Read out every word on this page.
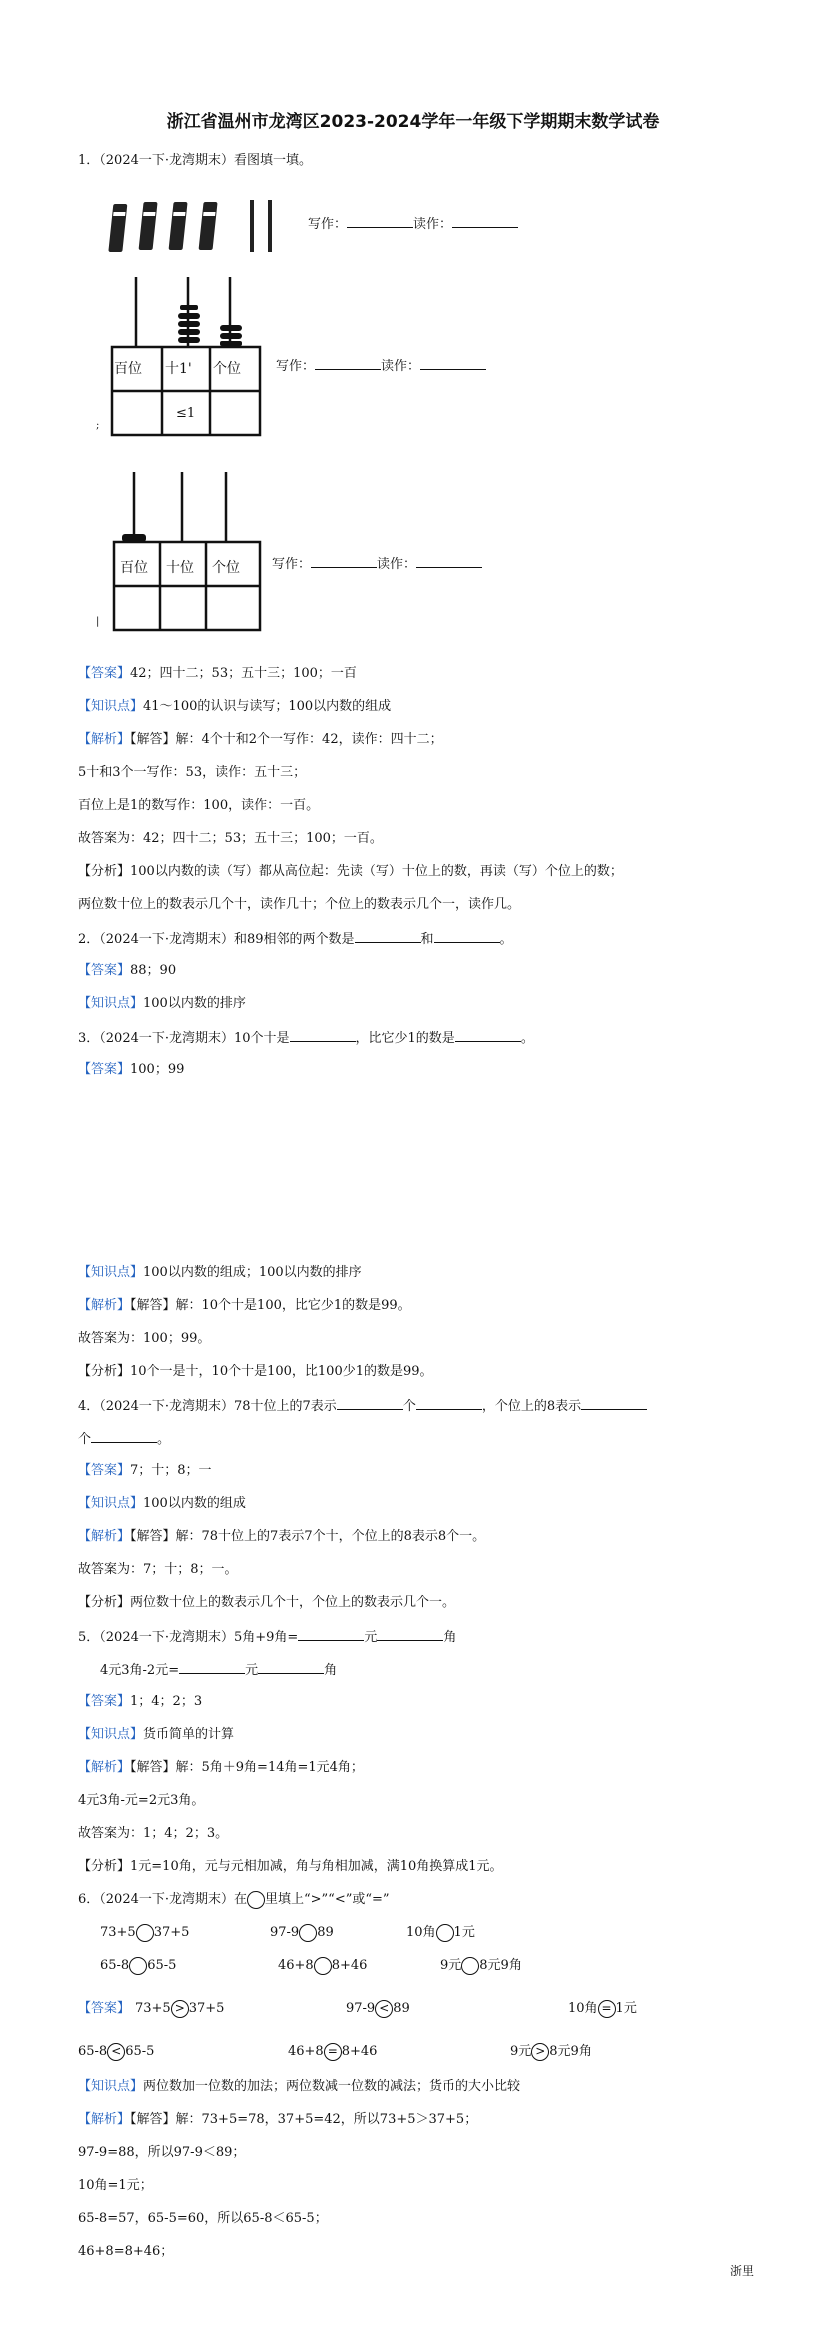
浙江省温州市龙湾区2023-2024学年一年级下学期期末数学试卷
1．（2024一下·龙湾期末）看图填一填。
写作：	读作：
百位 十1' 个位
≤1
;
写作：	读作：
百位 十位 个位
|
写作：	读作：
【答案】42；四十二；53；五十三；100；一百
【知识点】41～100的认识与读写；100以内数的组成
【解析】【解答】解：4个十和2个一写作：42，读作：四十二；
5十和3个一写作：53，读作：五十三；
百位上是1的数写作：100，读作：一百。
故答案为：42；四十二；53；五十三；100；一百。
【分析】100以内数的读（写）都从高位起：先读（写）十位上的数，再读（写）个位上的数；
两位数十位上的数表示几个十，读作几十；个位上的数表示几个一，读作几。
2．（2024一下·龙湾期末）和89相邻的两个数是	和	。
【答案】88；90
【知识点】100以内数的排序
3．（2024一下·龙湾期末）10个十是	，比它少1的数是	。
【答案】100；99
【知识点】100以内数的组成；100以内数的排序
【解析】【解答】解：10个十是100，比它少1的数是99。
故答案为：100；99。
【分析】10个一是十，10个十是100，比100少1的数是99。
4．（2024一下·龙湾期末）78十位上的7表示	个	，个位上的8表示
个	。
【答案】7；十；8；一
【知识点】100以内数的组成
【解析】【解答】解：78十位上的7表示7个十，个位上的8表示8个一。
故答案为：7；十；8；一。
【分析】两位数十位上的数表示几个十，个位上的数表示几个一。
5．（2024一下·龙湾期末）5角+9角=	元	角
4元3角-2元=	元	角
【答案】1；4；2；3
【知识点】货币简单的计算
【解析】【解答】解：5角＋9角=14角=1元4角；
4元3角-元=2元3角。
故答案为：1；4；2；3。
【分析】1元=10角，元与元相加减，角与角相加减，满10角换算成1元。
6．（2024一下·龙湾期末）在 里填上“>”“<”或“=”
73+5 37+5	97-9 89	10角 1元
65-8 65-5	46+8 8+46	9元 8元9角
【答案】 73+5 > 37+5	97-9 < 89	10角 = 1元
65-8 < 65-5	46+8 = 8+46	9元 > 8元9角
【知识点】两位数加一位数的加法；两位数减一位数的减法；货币的大小比较
【解析】【解答】解：73+5=78，37+5=42，所以73+5＞37+5；
97-9=88，所以97-9＜89；
10角=1元；
65-8=57，65-5=60，所以65-8＜65-5；
46+8=8+46；
浙里
